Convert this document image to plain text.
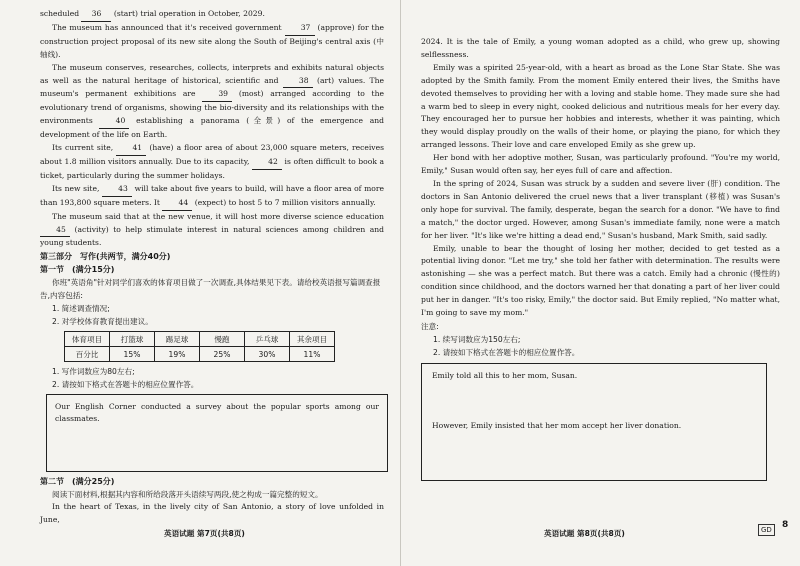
scheduled 36 (start) trial operation in October, 2029.

The museum has announced that it's received government 37 (approve) for the construction project proposal of its new site along the South of Beijing's central axis (中轴线).

The museum conserves, researches, collects, interprets and exhibits natural objects as well as the natural heritage of historical, scientific and 38 (art) values. The museum's permanent exhibitions are 39 (most) arranged according to the evolutionary trend of organisms, showing the bio-diversity and its relationships with the environments 40 establishing a panorama (全景) of the emergence and development of the life on Earth.

Its current site, 41 (have) a floor area of about 23,000 square meters, receives about 1.8 million visitors annually. Due to its capacity, 42 is often difficult to book a ticket, particularly during the summer holidays.

Its new site, 43 will take about five years to build, will have a floor area of more than 193,800 square meters. It 44 (expect) to host 5 to 7 million visitors annually.

The museum said that at the new venue, it will host more diverse science education 45 (activity) to help stimulate interest in natural sciences among children and young students.

第三部分　写作(共两节，满分40分)
第一节　(满分15分)
你班"英语角"针对同学们喜欢的体育项目做了一次调查,具体结果见下表。请给校英语报写篇调查报告,内容包括:
1. 简述调查情况;
2. 对学校体育教育提出建议。
体育项目	打篮球	踢足球	慢跑	乒乓球	其余项目
百分比	15%	19%	25%	30%	11%
1. 写作词数应为80左右;
2. 请按如下格式在答题卡的相应位置作答。

Our English Corner conducted a survey about the popular sports among our classmates.

第二节　(满分25分)
阅读下面材料,根据其内容和所给段落开头语续写两段,使之构成一篇完整的短文。

In the heart of Texas, in the lively city of San Antonio, a story of love unfolded in June,

英语试题 第7页(共8页)

2024. It is the tale of Emily, a young woman adopted as a child, who grew up, showing selflessness.

Emily was a spirited 25-year-old, with a heart as broad as the Lone Star State. She was adopted by the Smith family. From the moment Emily entered their lives, the Smiths have devoted themselves to providing her with a loving and stable home. They made sure she had a warm bed to sleep in every night, cooked delicious and nutritious meals for her every day. They encouraged her to pursue her hobbies and interests, whether it was painting, which they would display proudly on the walls of their home, or playing the piano, for which they arranged lessons. Their love and care enveloped Emily as she grew up.

Her bond with her adoptive mother, Susan, was particularly profound. "You're my world, Emily," Susan would often say, her eyes full of care and affection.

In the spring of 2024, Susan was struck by a sudden and severe liver (肝) condition. The doctors in San Antonio delivered the cruel news that a liver transplant (移植) was Susan's only hope for survival. The family, desperate, began the search for a donor. "We have to find a match," the doctor urged. However, among Susan's immediate family, none were a match for her liver. "It's like we're hitting a dead end," Susan's husband, Mark Smith, said sadly.

Emily, unable to bear the thought of losing her mother, decided to get tested as a potential living donor. "Let me try," she told her father with determination. The results were astonishing — she was a perfect match. But there was a catch. Emily had a chronic (慢性的) condition since childhood, and the doctors warned her that donating a part of her liver could put her in danger. "It's too risky, Emily," the doctor said. But Emily replied, "No matter what, I'm going to save my mom."

注意:
1. 续写词数应为150左右;
2. 请按如下格式在答题卡的相应位置作答。

Emily told all this to her mom, Susan.

However, Emily insisted that her mom accept her liver donation.

英语试题 第8页(共8页)	GD	8
